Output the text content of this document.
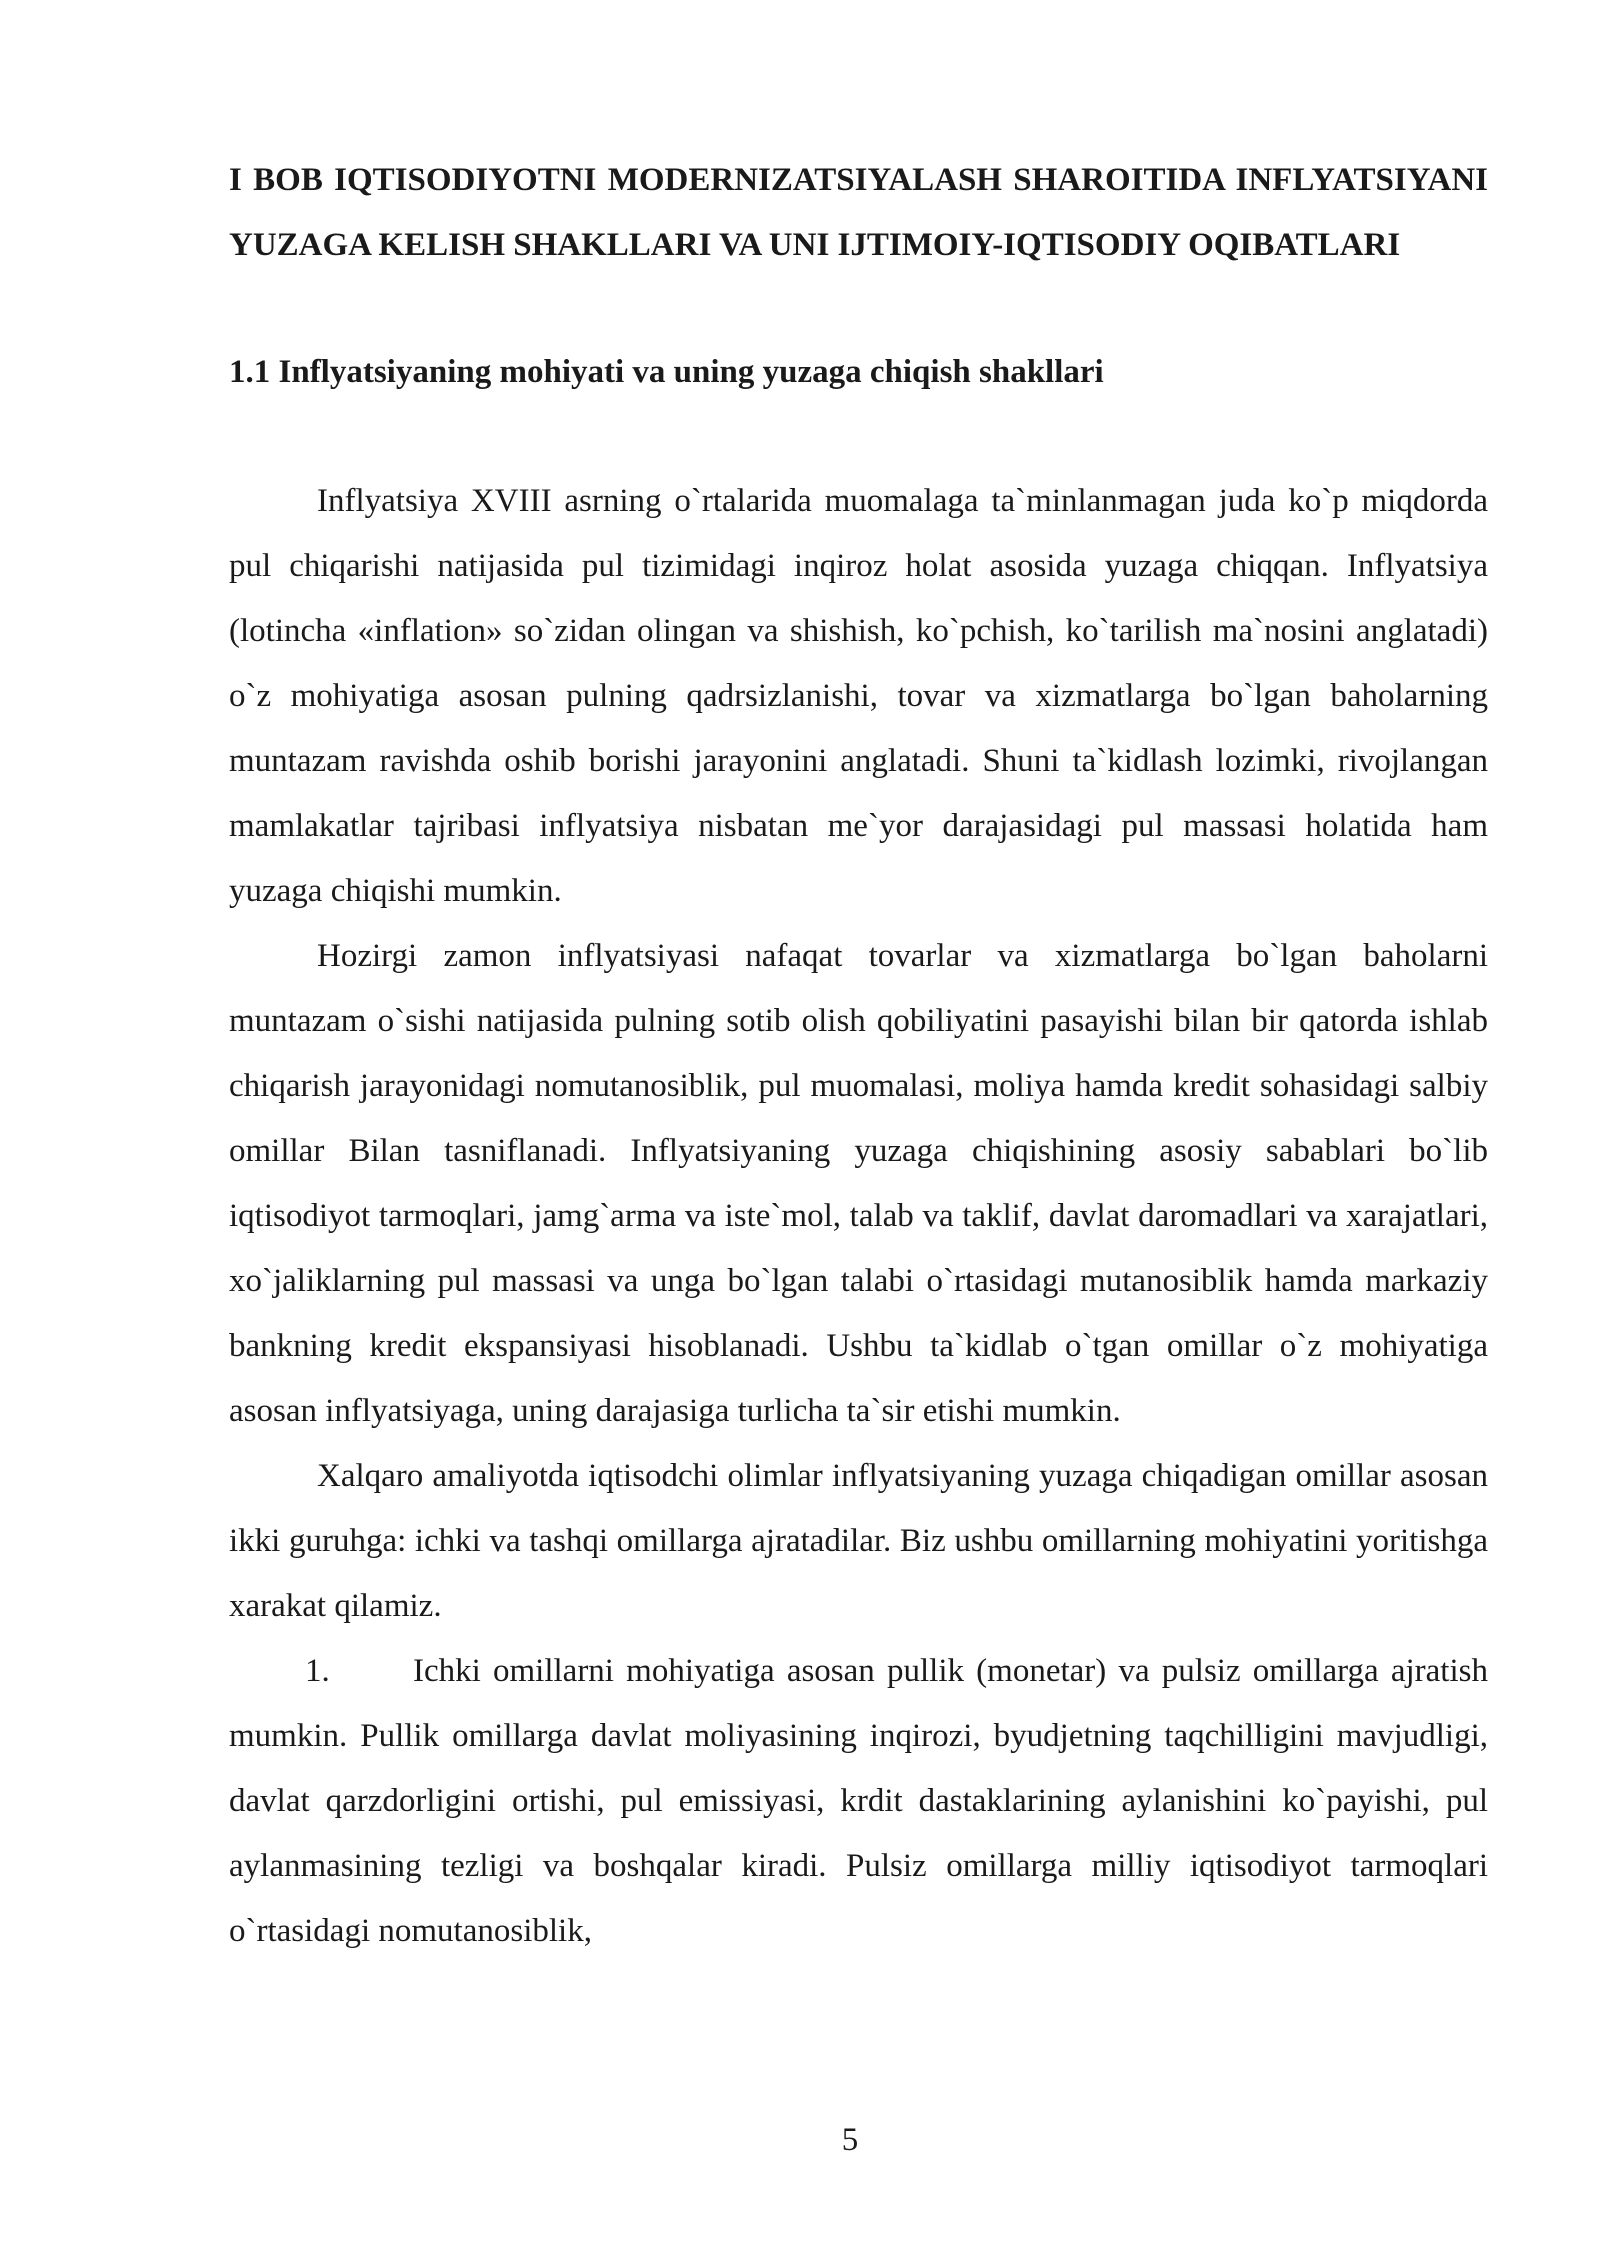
I BOB IQTISODIYOTNI MODERNIZATSIYALASH SHAROITIDA INFLYATSIYANI YUZAGA KELISH SHAKLLARI VA UNI IJTIMOIY-IQTISODIY OQIBATLARI
1.1 Inflyatsiyaning mohiyati va uning yuzaga chiqish shakllari

Inflyatsiya XVIII asrning o`rtalarida muomalaga ta`minlanmagan juda ko`p miqdorda pul chiqarishi natijasida pul tizimidagi inqiroz holat asosida yuzaga chiqqan. Inflyatsiya (lotincha «inflation» so`zidan olingan va shishish, ko`pchish, ko`tarilish ma`nosini anglatadi) o`z mohiyatiga asosan pulning qadrsizlanishi, tovar va xizmatlarga bo`lgan baholarning muntazam ravishda oshib borishi jarayonini anglatadi. Shuni ta`kidlash lozimki, rivojlangan mamlakatlar tajribasi inflyatsiya nisbatan me`yor darajasidagi pul massasi holatida ham yuzaga chiqishi mumkin.

Hozirgi zamon inflyatsiyasi nafaqat tovarlar va xizmatlarga bo`lgan baholarni muntazam o`sishi natijasida pulning sotib olish qobiliyatini pasayishi bilan bir qatorda ishlab chiqarish jarayonidagi nomutanosiblik, pul muomalasi, moliya hamda kredit sohasidagi salbiy omillar Bilan tasniflanadi. Inflyatsiyaning yuzaga chiqishining asosiy sabablari bo`lib iqtisodiyot tarmoqlari, jamg`arma va iste`mol, talab va taklif, davlat daromadlari va xarajatlari, xo`jaliklarning pul massasi va unga bo`lgan talabi o`rtasidagi mutanosiblik hamda markaziy bankning kredit ekspansiyasi hisoblanadi. Ushbu ta`kidlab o`tgan omillar o`z mohiyatiga asosan inflyatsiyaga, uning darajasiga turlicha ta`sir etishi mumkin.

Xalqaro amaliyotda iqtisodchi olimlar inflyatsiyaning yuzaga chiqadigan omillar asosan ikki guruhga: ichki va tashqi omillarga ajratadilar. Biz ushbu omillarning mohiyatini yoritishga xarakat qilamiz.

1.	Ichki omillarni mohiyatiga asosan pullik (monetar) va pulsiz omillarga ajratish mumkin. Pullik omillarga davlat moliyasining inqirozi, byudjetning taqchilligini mavjudligi, davlat qarzdorligini ortishi, pul emissiyasi, krdit dastaklarining aylanishini ko`payishi, pul aylanmasining tezligi va boshqalar kiradi. Pulsiz omillarga milliy iqtisodiyot tarmoqlari o`rtasidagi nomutanosiblik,

5
